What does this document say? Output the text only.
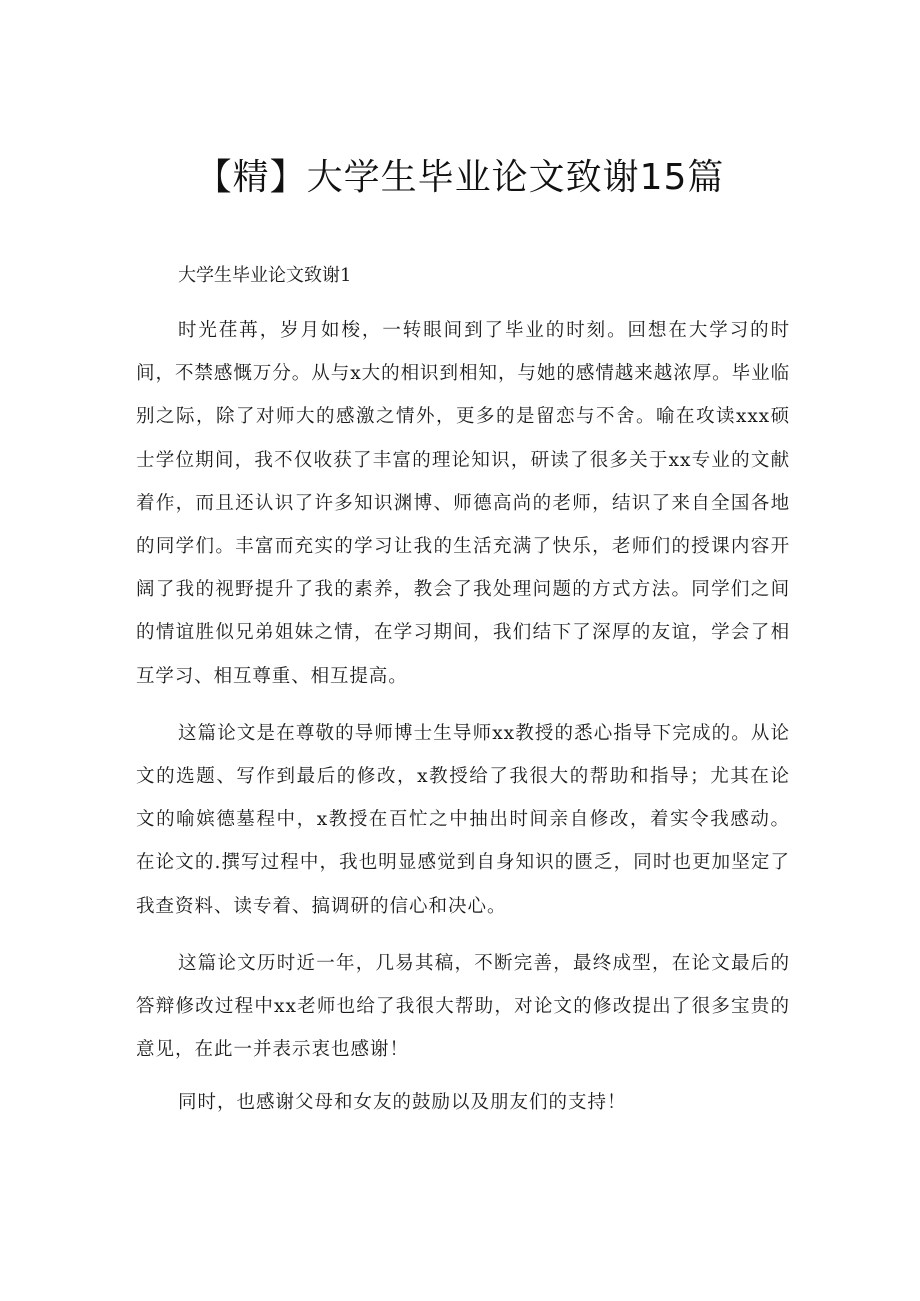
【精】大学生毕业论文致谢15篇
大学生毕业论文致谢1

时光荏苒，岁月如梭，一转眼间到了毕业的时刻。回想在大学习的时间，不禁感慨万分。从与x大的相识到相知，与她的感情越来越浓厚。毕业临别之际，除了对师大的感激之情外，更多的是留恋与不舍。喻在攻读xxx硕士学位期间，我不仅收获了丰富的理论知识，研读了很多关于xx专业的文献着作，而且还认识了许多知识渊博、师德高尚的老师，结识了来自全国各地的同学们。丰富而充实的学习让我的生活充满了快乐，老师们的授课内容开阔了我的视野提升了我的素养，教会了我处理问题的方式方法。同学们之间的情谊胜似兄弟姐妹之情，在学习期间，我们结下了深厚的友谊，学会了相互学习、相互尊重、相互提高。

这篇论文是在尊敬的导师博士生导师xx教授的悉心指导下完成的。从论文的选题、写作到最后的修改，x教授给了我很大的帮助和指导；尤其在论文的喻嫔德墓程中，x教授在百忙之中抽出时间亲自修改，着实令我感动。在论文的.撰写过程中，我也明显感觉到自身知识的匮乏，同时也更加坚定了我查资料、读专着、搞调研的信心和决心。

这篇论文历时近一年，几易其稿，不断完善，最终成型，在论文最后的答辩修改过程中xx老师也给了我很大帮助，对论文的修改提出了很多宝贵的意见，在此一并表示衷也感谢！

同时，也感谢父母和女友的鼓励以及朋友们的支持！
